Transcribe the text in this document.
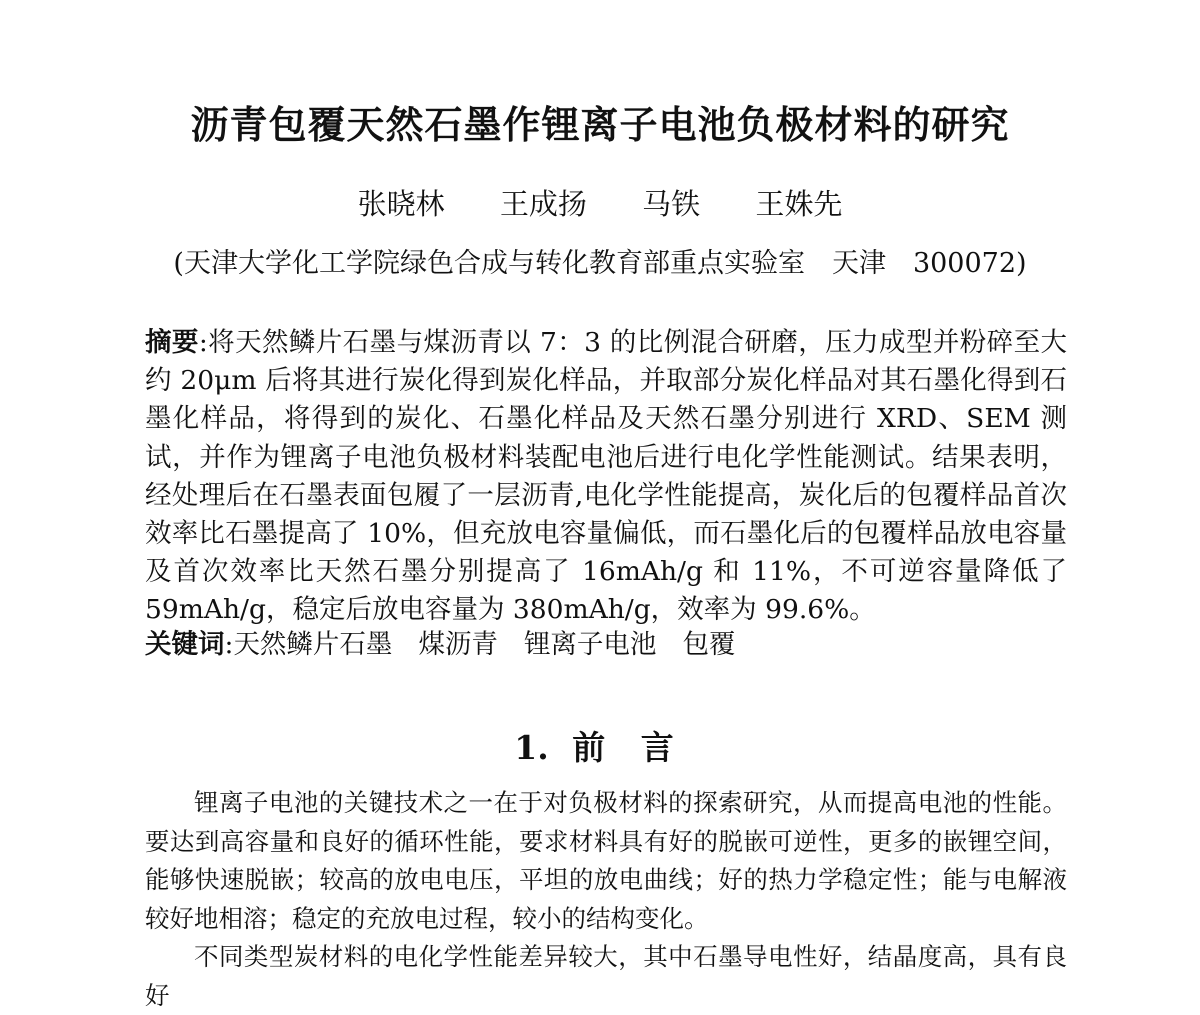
沥青包覆天然石墨作锂离子电池负极材料的研究
张晓林 王成扬 马铁 王姝先
(天津大学化工学院绿色合成与转化教育部重点实验室　天津　300072)
摘要:将天然鳞片石墨与煤沥青以 7：3 的比例混合研磨，压力成型并粉碎至大约 20μm 后将其进行炭化得到炭化样品，并取部分炭化样品对其石墨化得到石墨化样品，将得到的炭化、石墨化样品及天然石墨分别进行 XRD、SEM 测试，并作为锂离子电池负极材料装配电池后进行电化学性能测试。结果表明，经处理后在石墨表面包履了一层沥青,电化学性能提高，炭化后的包覆样品首次效率比石墨提高了 10%，但充放电容量偏低，而石墨化后的包覆样品放电容量及首次效率比天然石墨分别提高了 16mAh/g 和 11%，不可逆容量降低了 59mAh/g，稳定后放电容量为 380mAh/g，效率为 99.6%。
关键词:天然鳞片石墨 煤沥青 锂离子电池 包覆
1. 前 言

锂离子电池的关键技术之一在于对负极材料的探索研究，从而提高电池的性能。要达到高容量和良好的循环性能，要求材料具有好的脱嵌可逆性，更多的嵌锂空间，能够快速脱嵌；较高的放电电压，平坦的放电曲线；好的热力学稳定性；能与电解液较好地相溶；稳定的充放电过程，较小的结构变化。

不同类型炭材料的电化学性能差异较大，其中石墨导电性好，结晶度高，具有良好
